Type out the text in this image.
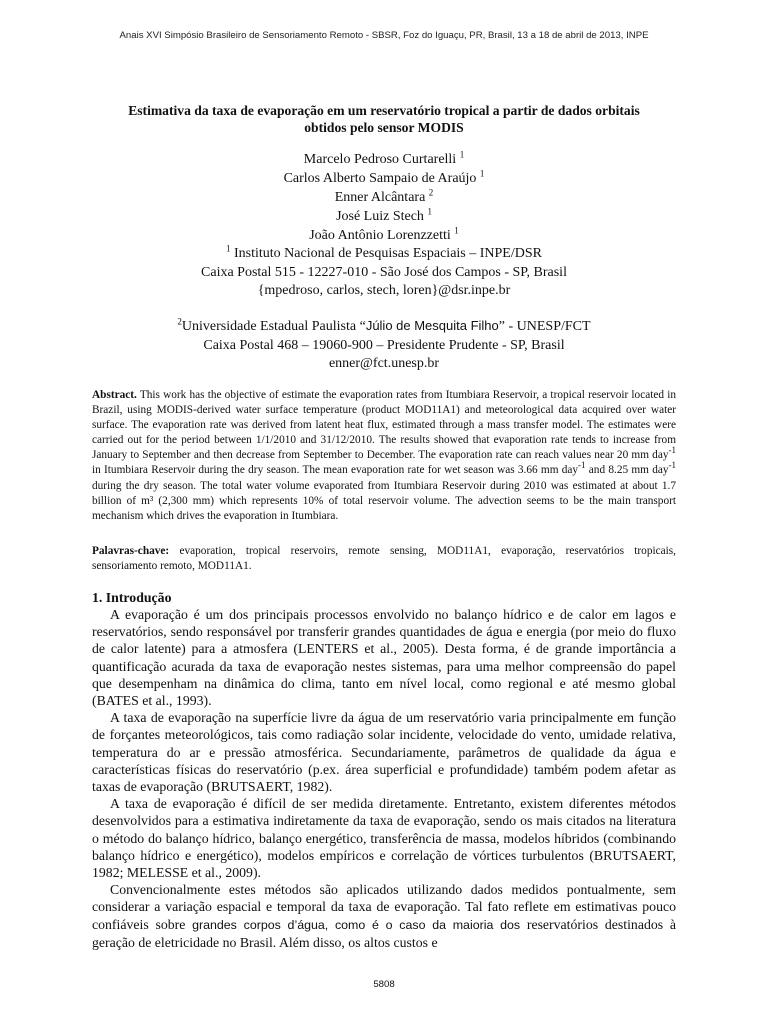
Anais XVI Simpósio Brasileiro de Sensoriamento Remoto - SBSR, Foz do Iguaçu, PR, Brasil, 13 a 18 de abril de 2013, INPE
Estimativa da taxa de evaporação em um reservatório tropical a partir de dados orbitais
obtidos pelo sensor MODIS
Marcelo Pedroso Curtarelli $^1$
Carlos Alberto Sampaio de Araújo $^1$
Enner Alcântara $^2$
José Luiz Stech $^1$
João Antônio Lorenzzetti $^1$
$^1$ Instituto Nacional de Pesquisas Espaciais – INPE/DSR
Caixa Postal 515 - 12227-010 - São José dos Campos - SP, Brasil
{mpedroso, carlos, stech, loren}@dsr.inpe.br
$^2$Universidade Estadual Paulista “Júlio de Mesquita Filho” - UNESP/FCT
Caixa Postal 468 – 19060-900 – Presidente Prudente - SP, Brasil
enner@fct.unesp.br
Abstract. This work has the objective of estimate the evaporation rates from Itumbiara Reservoir, a tropical reservoir located in Brazil, using MODIS-derived water surface temperature (product MOD11A1) and meteorological data acquired over water surface. The evaporation rate was derived from latent heat flux, estimated through a mass transfer model. The estimates were carried out for the period between 1/1/2010 and 31/12/2010. The results showed that evaporation rate tends to increase from January to September and then decrease from September to December. The evaporation rate can reach values near 20 mm day$^{-1}$ in Itumbiara Reservoir during the dry season. The mean evaporation rate for wet season was 3.66 mm day$^{-1}$ and 8.25 mm day$^{-1}$ during the dry season. The total water volume evaporated from Itumbiara Reservoir during 2010 was estimated at about 1.7 billion of m³ (2,300 mm) which represents 10% of total reservoir volume. The advection seems to be the main transport mechanism which drives the evaporation in Itumbiara.
Palavras-chave: evaporation, tropical reservoirs, remote sensing, MOD11A1, evaporação, reservatórios tropicais, sensoriamento remoto, MOD11A1.
1. Introdução

A evaporação é um dos principais processos envolvido no balanço hídrico e de calor em lagos e reservatórios, sendo responsável por transferir grandes quantidades de água e energia (por meio do fluxo de calor latente) para a atmosfera (LENTERS et al., 2005). Desta forma, é de grande importância a quantificação acurada da taxa de evaporação nestes sistemas, para uma melhor compreensão do papel que desempenham na dinâmica do clima, tanto em nível local, como regional e até mesmo global (BATES et al., 1993).

A taxa de evaporação na superfície livre da água de um reservatório varia principalmente em função de forçantes meteorológicos, tais como radiação solar incidente, velocidade do vento, umidade relativa, temperatura do ar e pressão atmosférica. Secundariamente, parâmetros de qualidade da água e características físicas do reservatório (p.ex. área superficial e profundidade) também podem afetar as taxas de evaporação (BRUTSAERT, 1982).

A taxa de evaporação é difícil de ser medida diretamente. Entretanto, existem diferentes métodos desenvolvidos para a estimativa indiretamente da taxa de evaporação, sendo os mais citados na literatura o método do balanço hídrico, balanço energético, transferência de massa, modelos híbridos (combinando balanço hídrico e energético), modelos empíricos e correlação de vórtices turbulentos (BRUTSAERT, 1982; MELESSE et al., 2009).

Convencionalmente estes métodos são aplicados utilizando dados medidos pontualmente, sem considerar a variação espacial e temporal da taxa de evaporação. Tal fato reflete em estimativas pouco confiáveis sobre grandes corpos d’água, como é o caso da maioria dos reservatórios destinados à geração de eletricidade no Brasil. Além disso, os altos custos e

5808
